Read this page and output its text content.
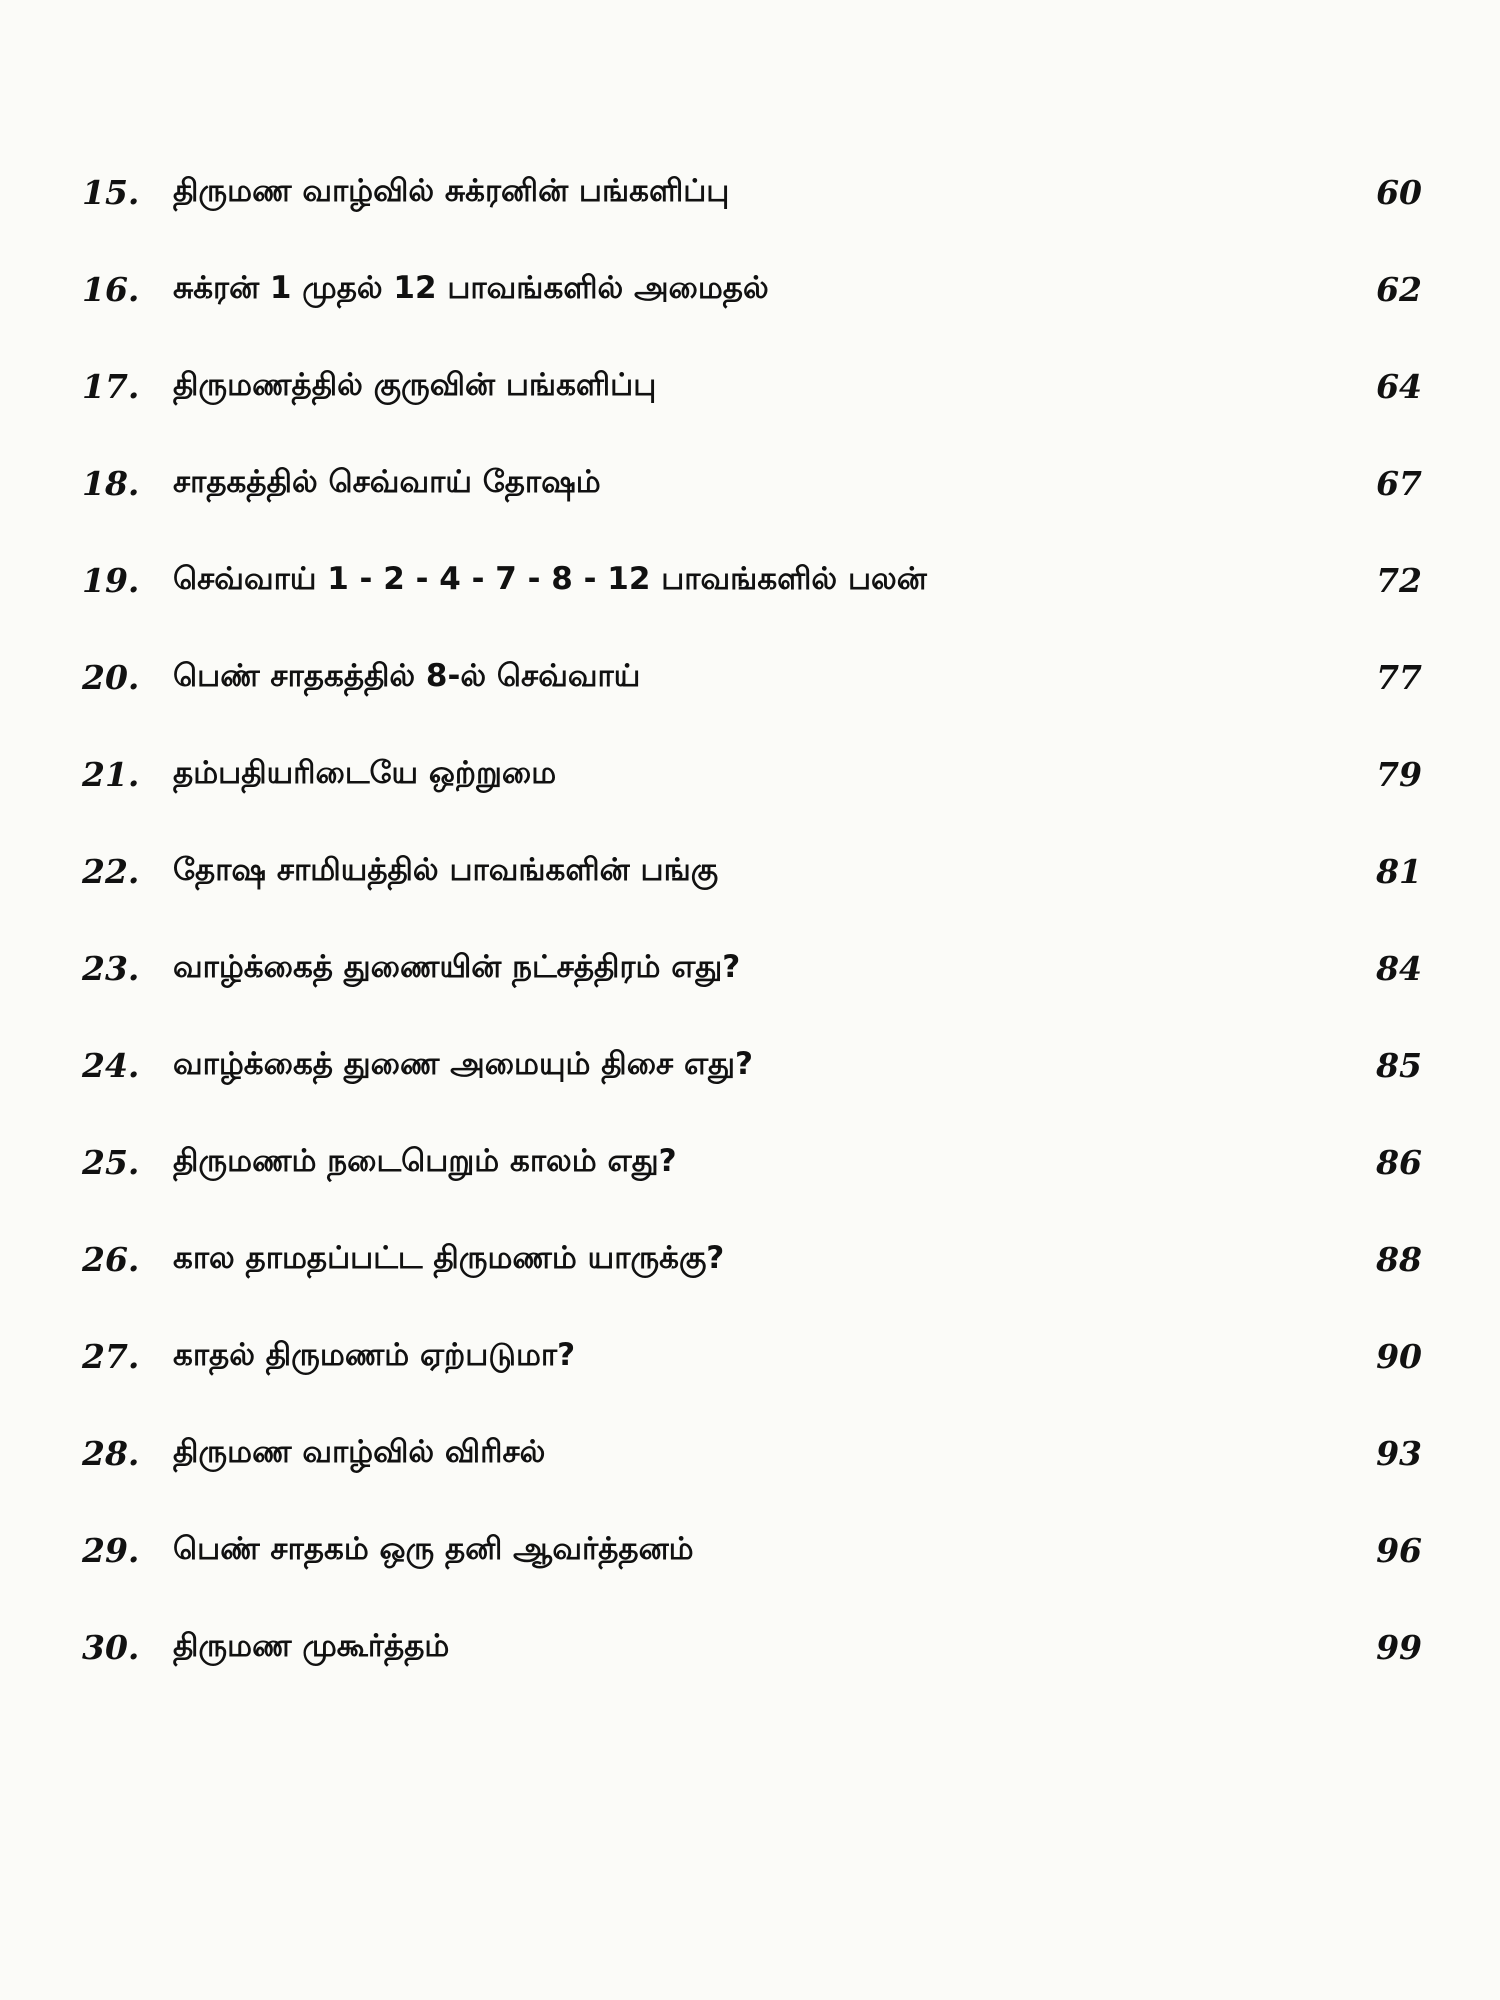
15. திருமண வாழ்வில் சுக்ரனின் பங்களிப்பு	60
16. சுக்ரன் 1 முதல் 12 பாவங்களில் அமைதல்	62
17. திருமணத்தில் குருவின் பங்களிப்பு	64
18. சாதகத்தில் செவ்வாய் தோஷம்	67
19. செவ்வாய் 1 - 2 - 4 - 7 - 8 - 12 பாவங்களில் பலன்	72
20. பெண் சாதகத்தில் 8-ல் செவ்வாய்	77
21. தம்பதியரிடையே ஒற்றுமை	79
22. தோஷ சாமியத்தில் பாவங்களின் பங்கு	81
23. வாழ்க்கைத் துணையின் நட்சத்திரம் எது?	84
24. வாழ்க்கைத் துணை அமையும் திசை எது?	85
25. திருமணம் நடைபெறும் காலம் எது?	86
26. கால தாமதப்பட்ட திருமணம் யாருக்கு?	88
27. காதல் திருமணம் ஏற்படுமா?	90
28. திருமண வாழ்வில் விரிசல்	93
29. பெண் சாதகம் ஒரு தனி ஆவர்த்தனம்	96
30. திருமண முகூர்த்தம்	99
